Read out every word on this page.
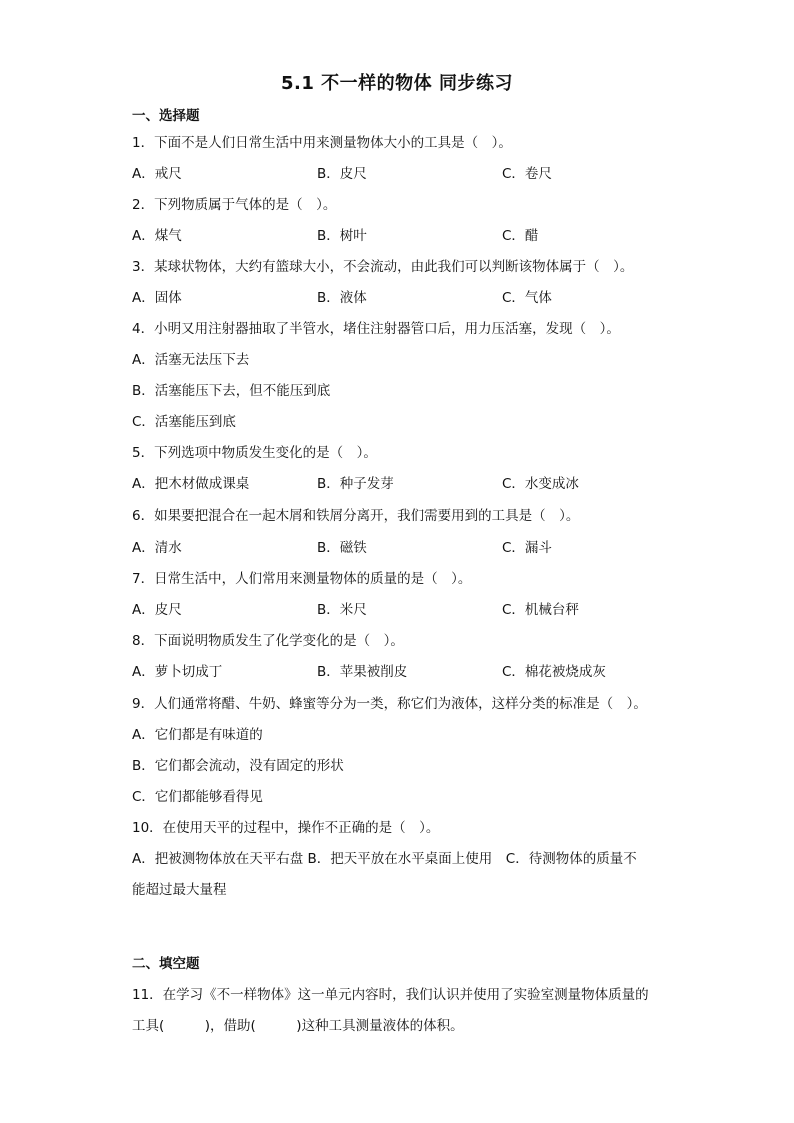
5.1 不一样的物体 同步练习
一、选择题
1．下面不是人们日常生活中用来测量物体大小的工具是（　）。
A．戒尺	B．皮尺	C．卷尺
2．下列物质属于气体的是（　）。
A．煤气	B．树叶	C．醋
3．某球状物体，大约有篮球大小，不会流动，由此我们可以判断该物体属于（　）。
A．固体	B．液体	C．气体
4．小明又用注射器抽取了半管水，堵住注射器管口后，用力压活塞，发现（　）。
A．活塞无法压下去
B．活塞能压下去，但不能压到底
C．活塞能压到底
5．下列选项中物质发生变化的是（　）。
A．把木材做成课桌	B．种子发芽	C．水变成冰
6．如果要把混合在一起木屑和铁屑分离开，我们需要用到的工具是（　）。
A．清水	B．磁铁	C．漏斗
7．日常生活中，人们常用来测量物体的质量的是（　）。
A．皮尺	B．米尺	C．机械台秤
8．下面说明物质发生了化学变化的是（　）。
A．萝卜切成丁	B．苹果被削皮	C．棉花被烧成灰
9．人们通常将醋、牛奶、蜂蜜等分为一类，称它们为液体，这样分类的标准是（　）。
A．它们都是有味道的
B．它们都会流动，没有固定的形状
C．它们都能够看得见
10．在使用天平的过程中，操作不正确的是（　）。
A．把被测物体放在天平右盘 B．把天平放在水平桌面上使用　C．待测物体的质量不
能超过最大量程
二、填空题
11．在学习《不一样物体》这一单元内容时，我们认识并使用了实验室测量物体质量的
工具(　　　)，借助(　　　)这种工具测量液体的体积。
